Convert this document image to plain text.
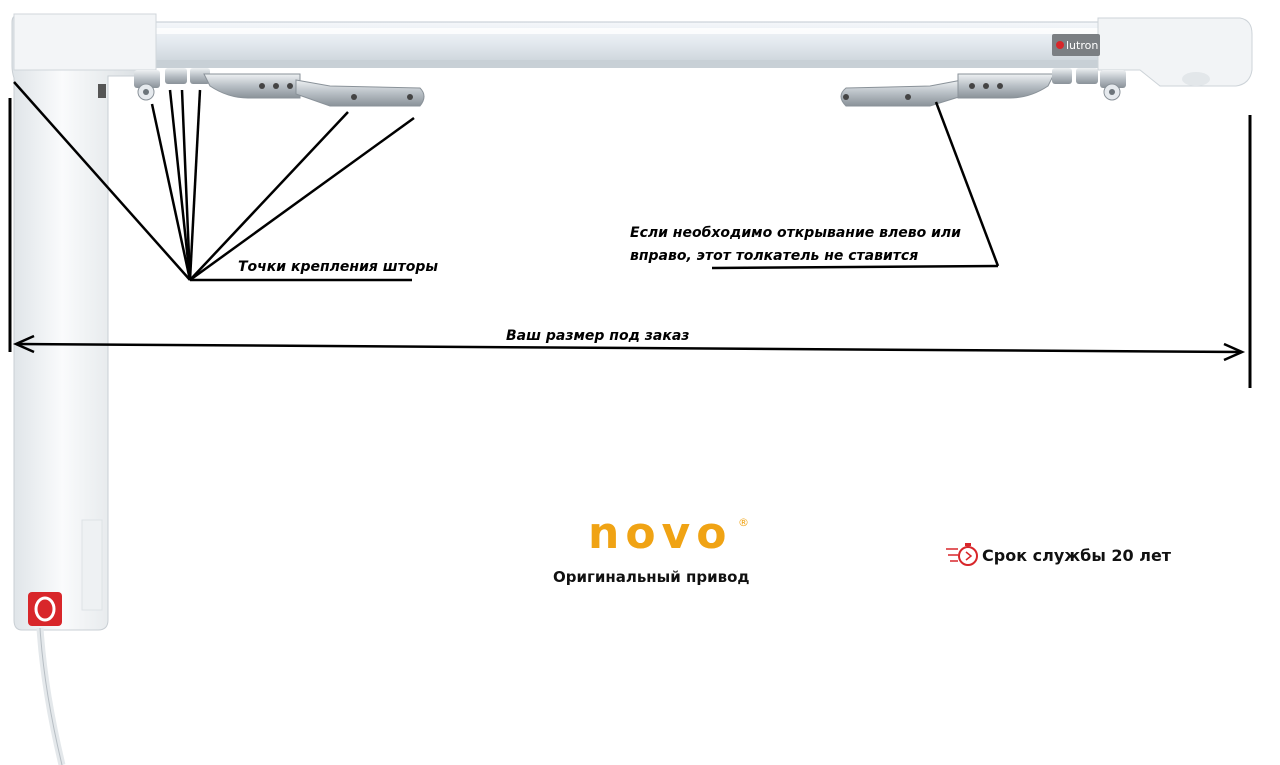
lutron
Точки крепления шторы
Если необходимо открывание влево или
вправо, этот толкатель не ставится
Ваш размер под заказ
novo ®
Оригинальный привод
Срок службы 20 лет
